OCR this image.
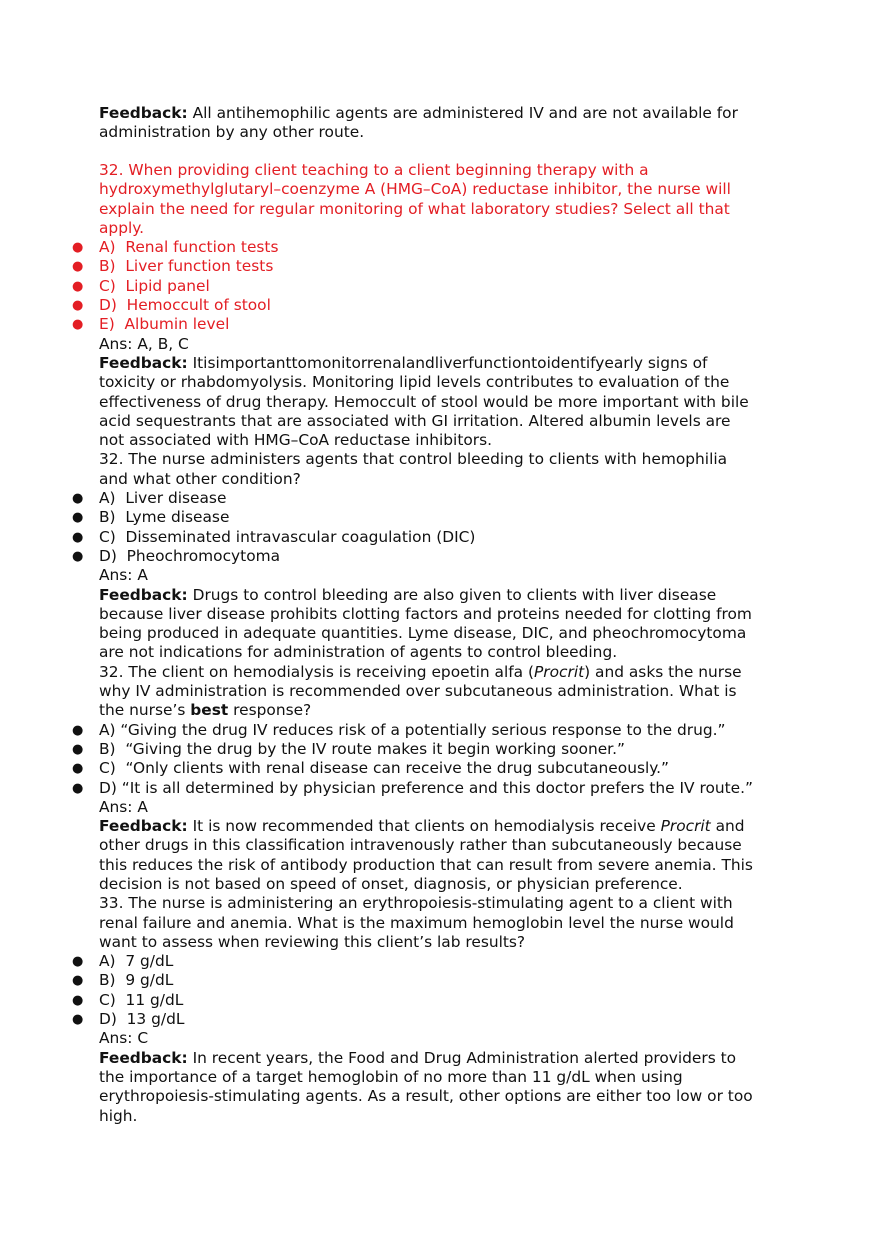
Feedback: All antihemophilic agents are administered IV and are not available for
administration by any other route.
32. When providing client teaching to a client beginning therapy with a
hydroxymethylglutaryl–coenzyme A (HMG–CoA) reductase inhibitor, the nurse will
explain the need for regular monitoring of what laboratory studies? Select all that
apply.
● A)  Renal function tests
● B)  Liver function tests
● C)  Lipid panel
● D)  Hemoccult of stool
● E)  Albumin level
Ans: A, B, C
Feedback: Itisimportanttomonitorrenalandliverfunctiontoidentifyearly signs of
toxicity or rhabdomyolysis. Monitoring lipid levels contributes to evaluation of the
effectiveness of drug therapy. Hemoccult of stool would be more important with bile
acid sequestrants that are associated with GI irritation. Altered albumin levels are
not associated with HMG–CoA reductase inhibitors.
32. The nurse administers agents that control bleeding to clients with hemophilia
and what other condition?
● A)  Liver disease
● B)  Lyme disease
● C)  Disseminated intravascular coagulation (DIC)
● D)  Pheochromocytoma
Ans: A
Feedback: Drugs to control bleeding are also given to clients with liver disease
because liver disease prohibits clotting factors and proteins needed for clotting from
being produced in adequate quantities. Lyme disease, DIC, and pheochromocytoma
are not indications for administration of agents to control bleeding.
32. The client on hemodialysis is receiving epoetin alfa (Procrit) and asks the nurse
why IV administration is recommended over subcutaneous administration. What is
the nurse’s best response?
● A) “Giving the drug IV reduces risk of a potentially serious response to the drug.”
● B)  “Giving the drug by the IV route makes it begin working sooner.”
● C)  “Only clients with renal disease can receive the drug subcutaneously.”
● D) “It is all determined by physician preference and this doctor prefers the IV route.”
Ans: A
Feedback: It is now recommended that clients on hemodialysis receive Procrit and
other drugs in this classification intravenously rather than subcutaneously because
this reduces the risk of antibody production that can result from severe anemia. This
decision is not based on speed of onset, diagnosis, or physician preference.
33. The nurse is administering an erythropoiesis-stimulating agent to a client with
renal failure and anemia. What is the maximum hemoglobin level the nurse would
want to assess when reviewing this client’s lab results?
● A)  7 g/dL
● B)  9 g/dL
● C)  11 g/dL
● D)  13 g/dL
Ans: C
Feedback: In recent years, the Food and Drug Administration alerted providers to
the importance of a target hemoglobin of no more than 11 g/dL when using
erythropoiesis-stimulating agents. As a result, other options are either too low or too
high.
